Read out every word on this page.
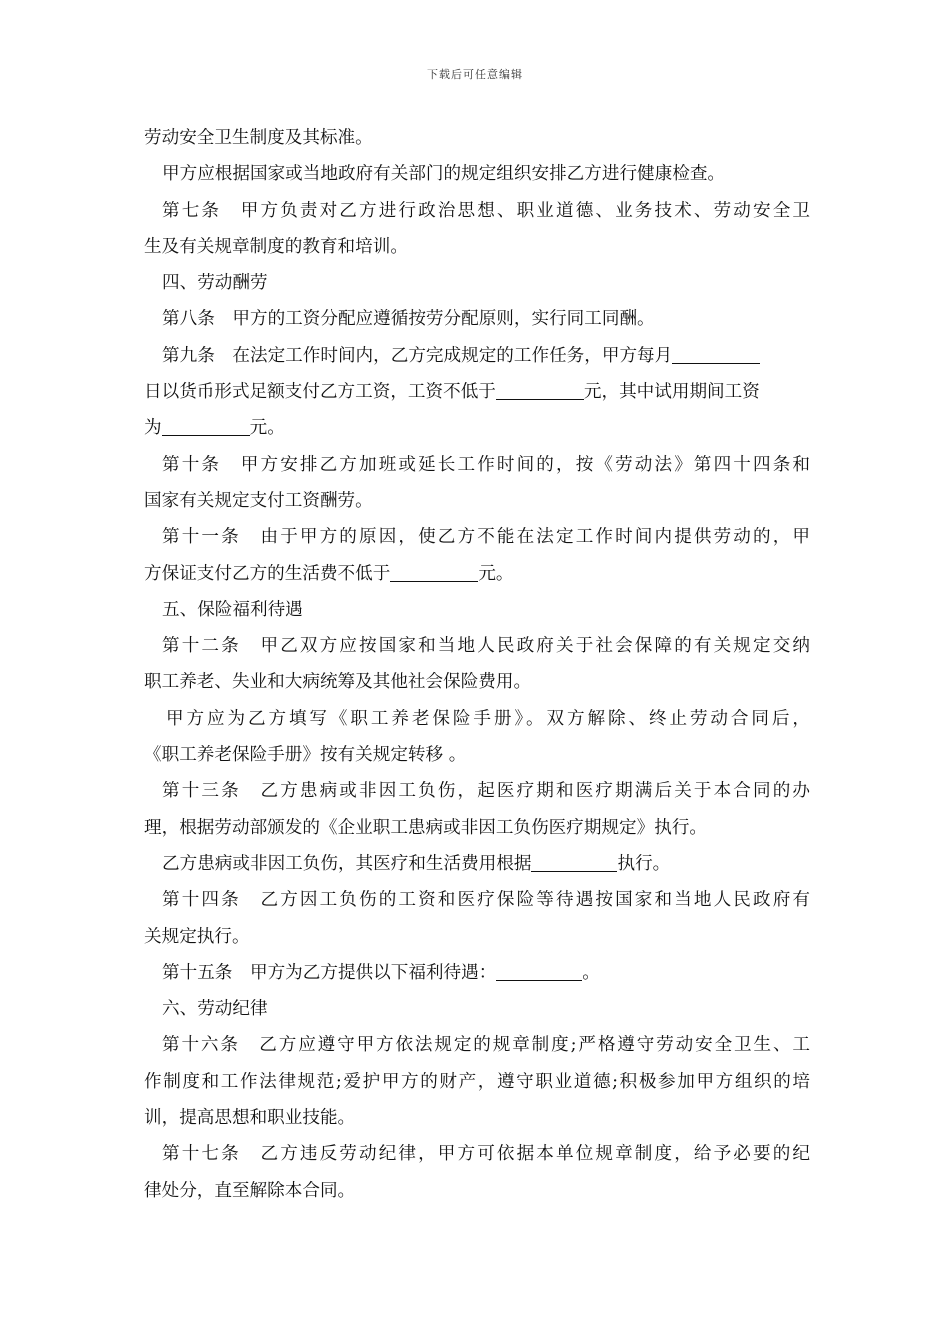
下载后可任意编辑
劳动安全卫生制度及其标准。
甲方应根据国家或当地政府有关部门的规定组织安排乙方进行健康检查。
第七条　甲方负责对乙方进行政治思想、职业道德、业务技术、劳动安全卫
生及有关规章制度的教育和培训。
四、劳动酬劳
第八条　甲方的工资分配应遵循按劳分配原则，实行同工同酬。
第九条　在法定工作时间内，乙方完成规定的工作任务，甲方每月
日以货币形式足额支付乙方工资，工资不低于	元，其中试用期间工资
为	元。
第十条　甲方安排乙方加班或延长工作时间的，按《劳动法》第四十四条和
国家有关规定支付工资酬劳。
第十一条　由于甲方的原因，使乙方不能在法定工作时间内提供劳动的，甲
方保证支付乙方的生活费不低于	元。
五、保险福利待遇
第十二条　甲乙双方应按国家和当地人民政府关于社会保障的有关规定交纳
职工养老、失业和大病统筹及其他社会保险费用。
甲方应为乙方填写《职工养老保险手册》。双方解除、终止劳动合同后，
《职工养老保险手册》按有关规定转移 。
第十三条　乙方患病或非因工负伤，起医疗期和医疗期满后关于本合同的办
理，根据劳动部颁发的《企业职工患病或非因工负伤医疗期规定》执行。
乙方患病或非因工负伤，其医疗和生活费用根据	执行。
第十四条　乙方因工负伤的工资和医疗保险等待遇按国家和当地人民政府有
关规定执行。
第十五条　甲方为乙方提供以下福利待遇：	。
六、劳动纪律
第十六条　乙方应遵守甲方依法规定的规章制度;严格遵守劳动安全卫生、工
作制度和工作法律规范;爱护甲方的财产，遵守职业道德;积极参加甲方组织的培
训，提高思想和职业技能。
第十七条　乙方违反劳动纪律，甲方可依据本单位规章制度，给予必要的纪
律处分，直至解除本合同。
